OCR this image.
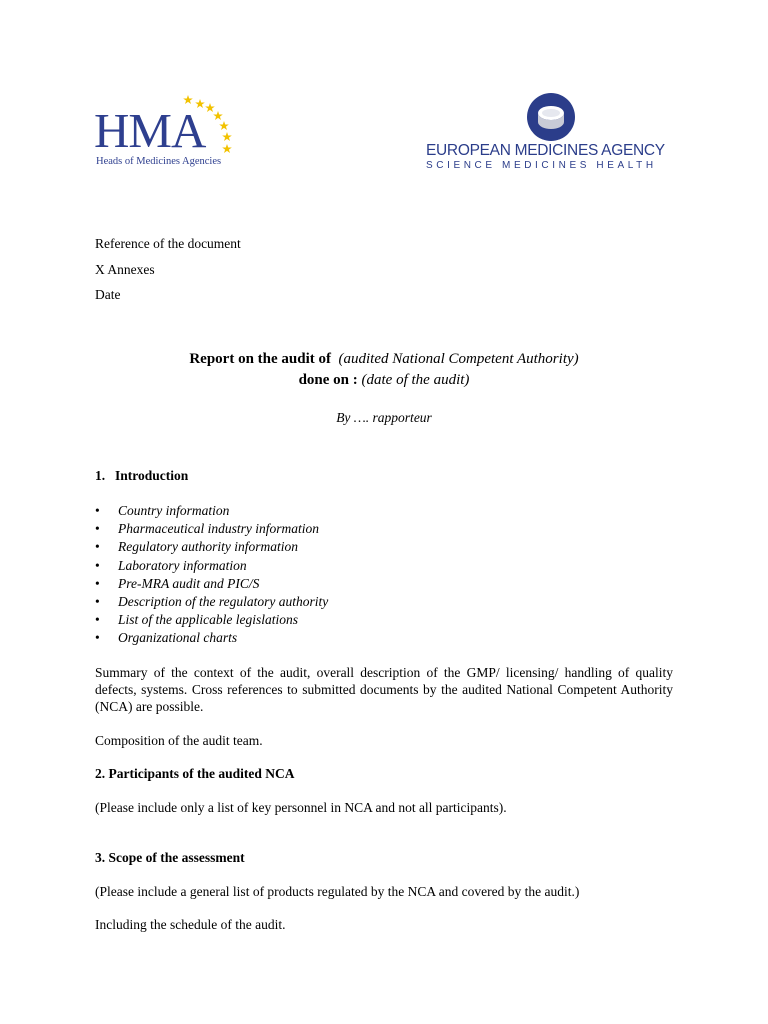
HMA
Heads of Medicines Agencies
EUROPEAN MEDICINES AGENCY
SCIENCE MEDICINES HEALTH
Reference of the document
X Annexes
Date
Report on the audit of (audited National Competent Authority)
done on : (date of the audit)
By …. rapporteur
1. Introduction
• Country information
• Pharmaceutical industry information
• Regulatory authority information
• Laboratory information
• Pre-MRA audit and PIC/S
• Description of the regulatory authority
• List of the applicable legislations
• Organizational charts
Summary of the context of the audit, overall description of the GMP/ licensing/ handling of quality defects, systems. Cross references to submitted documents by the audited National Competent Authority (NCA) are possible.
Composition of the audit team.
2. Participants of the audited NCA
(Please include only a list of key personnel in NCA and not all participants).
3. Scope of the assessment
(Please include a general list of products regulated by the NCA and covered by the audit.)
Including the schedule of the audit.
